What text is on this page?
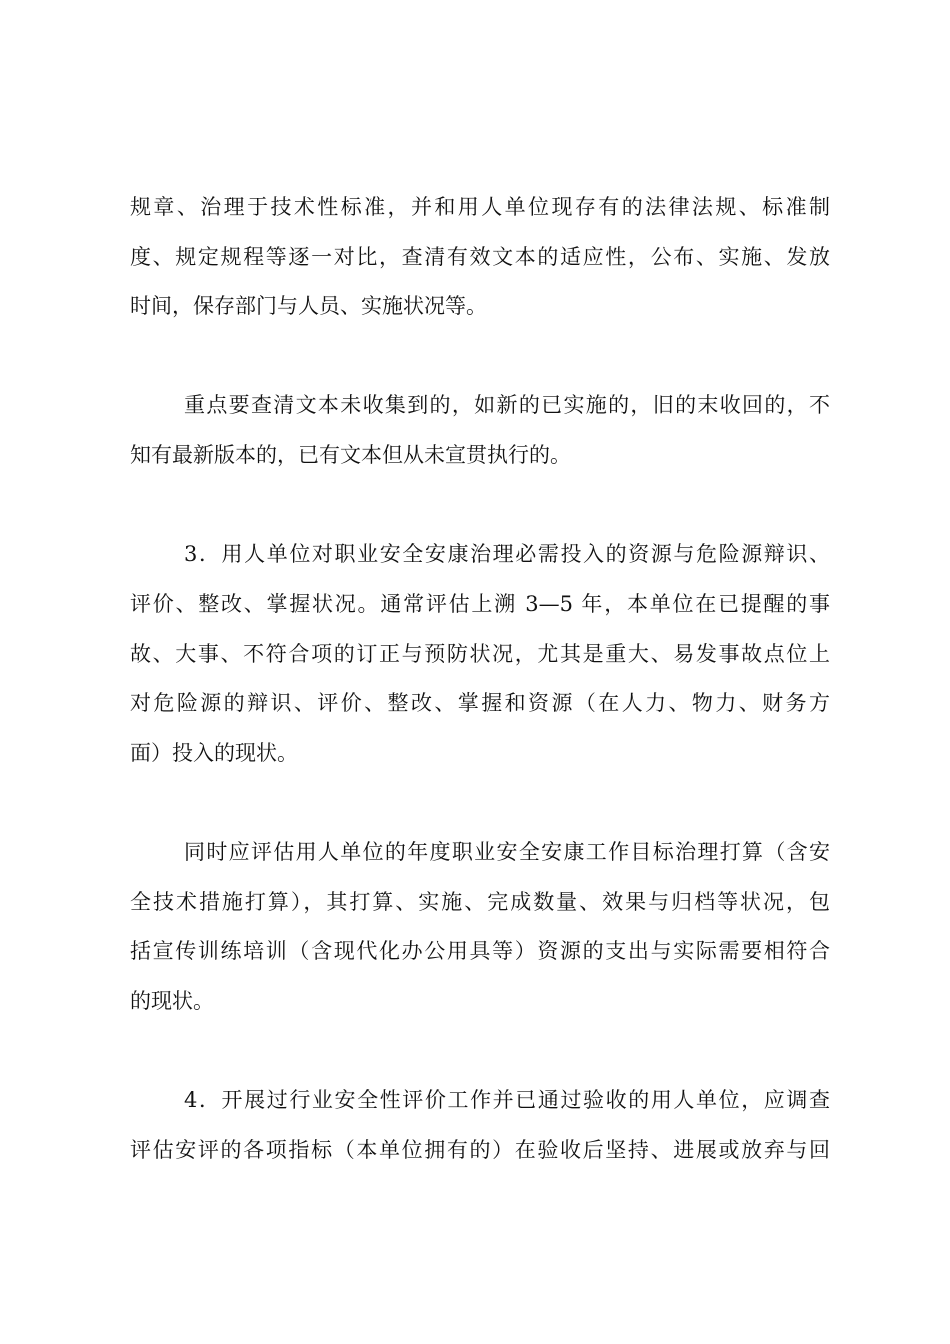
规章、治理于技术性标准，并和用人单位现存有的法律法规、标准制
度、规定规程等逐一对比，查清有效文本的适应性，公布、实施、发放
时间，保存部门与人员、实施状况等。
重点要查清文本未收集到的，如新的已实施的，旧的末收回的，不
知有最新版本的，已有文本但从未宣贯执行的。
3．用人单位对职业安全安康治理必需投入的资源与危险源辩识、
评价、整改、掌握状况。通常评估上溯 3—5 年，本单位在已提醒的事
故、大事、不符合项的订正与预防状况，尤其是重大、易发事故点位上
对危险源的辩识、评价、整改、掌握和资源（在人力、物力、财务方
面）投入的现状。
同时应评估用人单位的年度职业安全安康工作目标治理打算（含安
全技术措施打算），其打算、实施、完成数量、效果与归档等状况，包
括宣传训练培训（含现代化办公用具等）资源的支出与实际需要相符合
的现状。
4．开展过行业安全性评价工作并已通过验收的用人单位，应调查
评估安评的各项指标（本单位拥有的）在验收后坚持、进展或放弃与回
